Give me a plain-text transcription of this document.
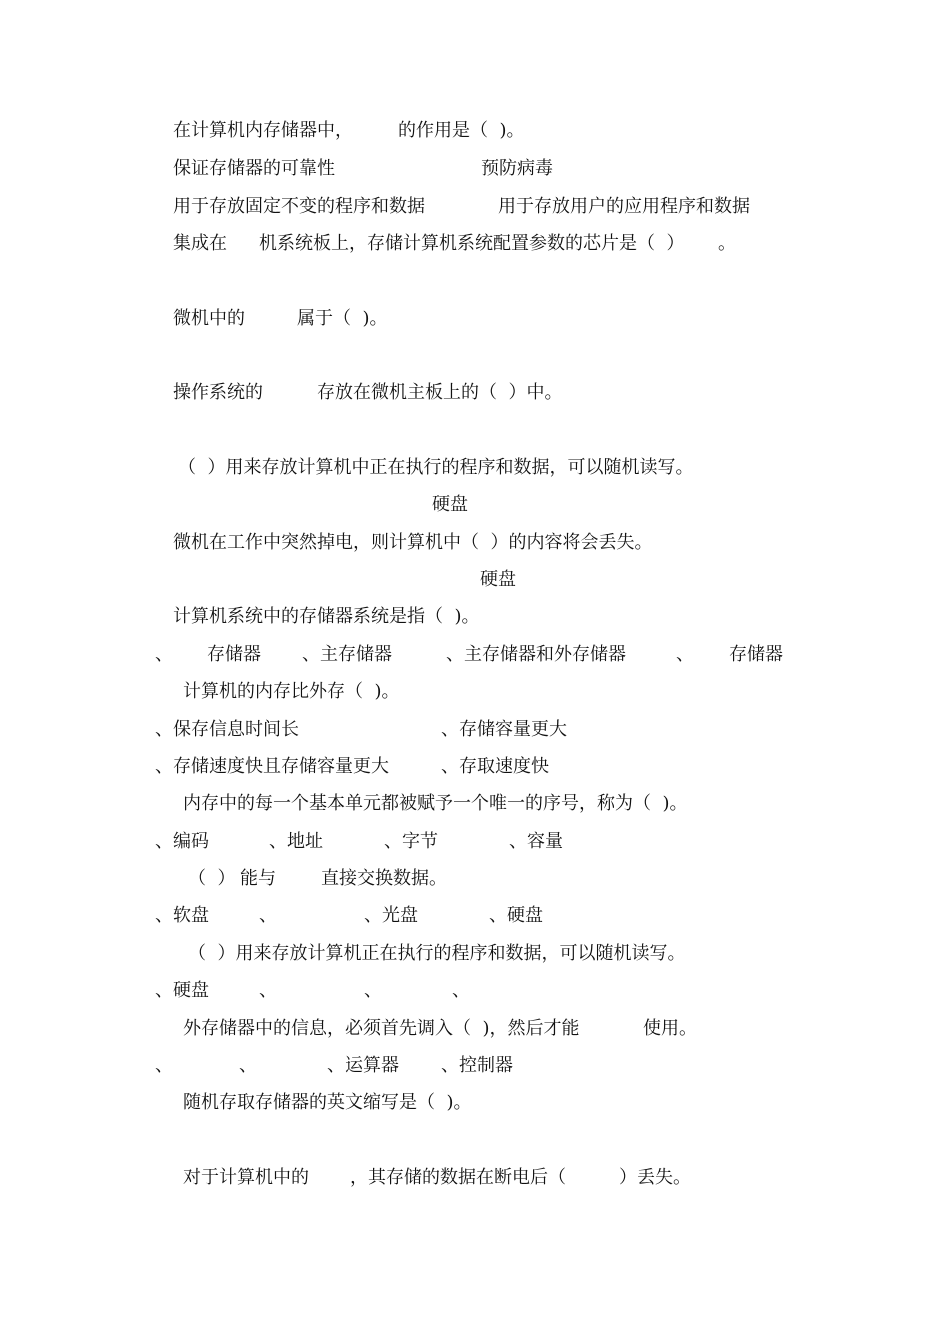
在计算机内存储器中，	的作用是（  )。
保证存储器的可靠性	预防病毒
用于存放固定不变的程序和数据	用于存放用户的应用程序和数据
集成在 机系统板上，存储计算机系统配置参数的芯片是（  ） 。
微机中的	属于（  )。
操作系统的	存放在微机主板上的（  ）中。
（  ）用来存放计算机中正在执行的程序和数据，可以随机读写。
硬盘
微机在工作中突然掉电，则计算机中（  ）的内容将会丢失。
硬盘
计算机系统中的存储器系统是指（  )。
、 存储器 、主存储器	、主存储器和外存储器	、 存储器
计算机的内存比外存（  )。
、保存信息时间长	、存储容量更大
、存储速度快且存储容量更大	、存取速度快
内存中的每一个基本单元都被赋予一个唯一的序号，称为（  )。
、编码	、地址	、字节	、容量
（  ） 能与	直接交换数据。
、软盘	、	、光盘	、硬盘
（  ）用来存放计算机正在执行的程序和数据，可以随机读写。
、硬盘	、	、	、
外存储器中的信息，必须首先调入（  )，然后才能	使用。
、	、	、运算器 、控制器
随机存取存储器的英文缩写是（  )。
对于计算机中的 ，其存储的数据在断电后（	）丢失。
